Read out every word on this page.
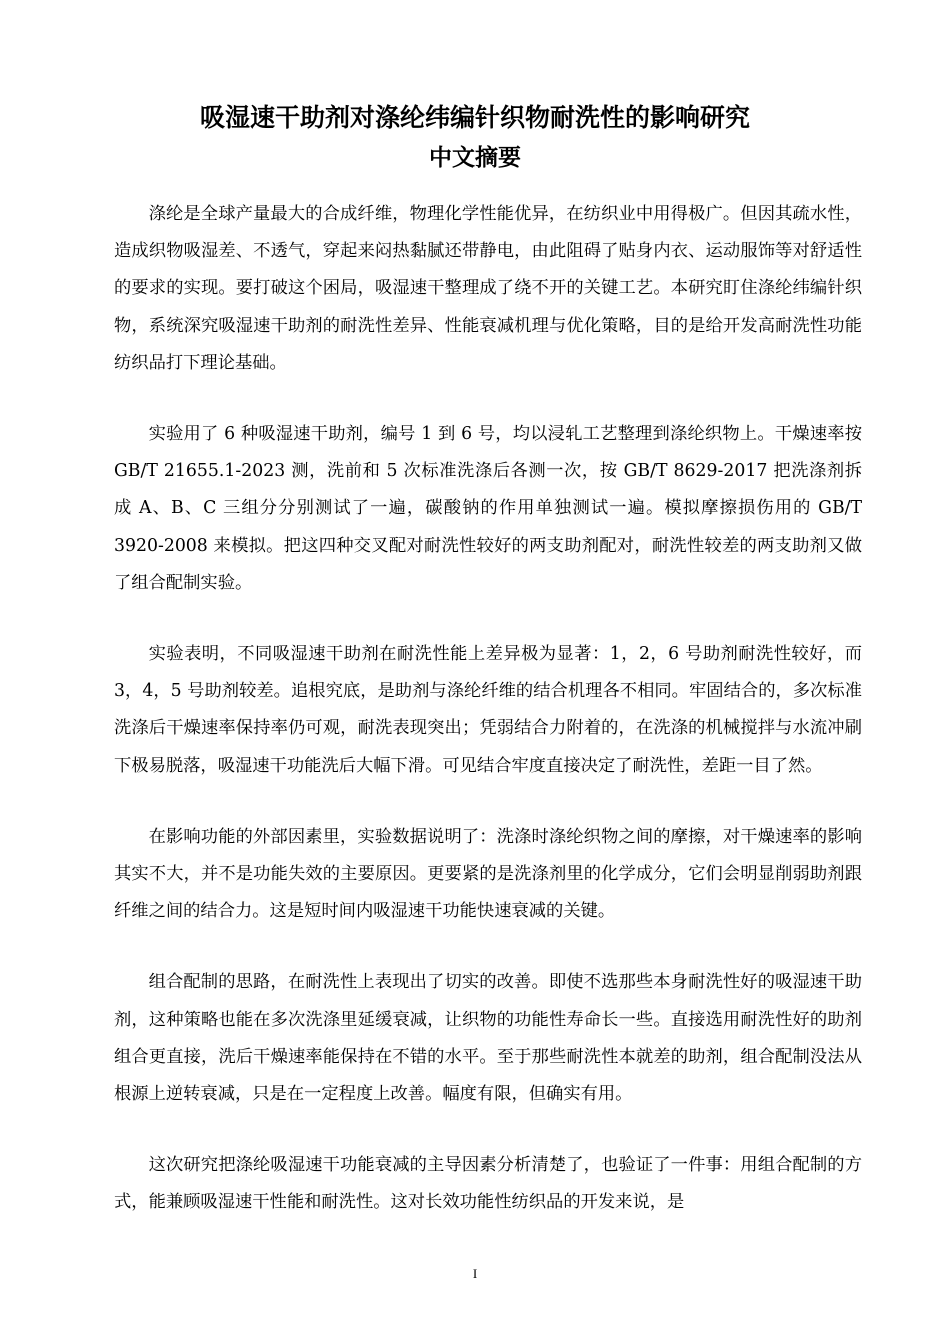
吸湿速干助剂对涤纶纬编针织物耐洗性的影响研究
中文摘要

涤纶是全球产量最大的合成纤维，物理化学性能优异，在纺织业中用得极广。但因其疏水性，造成织物吸湿差、不透气，穿起来闷热黏腻还带静电，由此阻碍了贴身内衣、运动服饰等对舒适性的要求的实现。要打破这个困局，吸湿速干整理成了绕不开的关键工艺。本研究盯住涤纶纬编针织物，系统深究吸湿速干助剂的耐洗性差异、性能衰减机理与优化策略，目的是给开发高耐洗性功能纺织品打下理论基础。

实验用了 6 种吸湿速干助剂，编号 1 到 6 号，均以浸轧工艺整理到涤纶织物上。干燥速率按 GB/T 21655.1-2023 测，洗前和 5 次标准洗涤后各测一次，按 GB/T 8629-2017 把洗涤剂拆成 A、B、C 三组分分别测试了一遍，碳酸钠的作用单独测试一遍。模拟摩擦损伤用的 GB/T 3920-2008 来模拟。把这四种交叉配对耐洗性较好的两支助剂配对，耐洗性较差的两支助剂又做了组合配制实验。

实验表明，不同吸湿速干助剂在耐洗性能上差异极为显著：1，2，6 号助剂耐洗性较好，而 3，4，5 号助剂较差。追根究底，是助剂与涤纶纤维的结合机理各不相同。牢固结合的，多次标准洗涤后干燥速率保持率仍可观，耐洗表现突出；凭弱结合力附着的，在洗涤的机械搅拌与水流冲刷下极易脱落，吸湿速干功能洗后大幅下滑。可见结合牢度直接决定了耐洗性，差距一目了然。

在影响功能的外部因素里，实验数据说明了：洗涤时涤纶织物之间的摩擦，对干燥速率的影响其实不大，并不是功能失效的主要原因。更要紧的是洗涤剂里的化学成分，它们会明显削弱助剂跟纤维之间的结合力。这是短时间内吸湿速干功能快速衰减的关键。

组合配制的思路，在耐洗性上表现出了切实的改善。即使不选那些本身耐洗性好的吸湿速干助剂，这种策略也能在多次洗涤里延缓衰减，让织物的功能性寿命长一些。直接选用耐洗性好的助剂组合更直接，洗后干燥速率能保持在不错的水平。至于那些耐洗性本就差的助剂，组合配制没法从根源上逆转衰减，只是在一定程度上改善。幅度有限，但确实有用。

这次研究把涤纶吸湿速干功能衰减的主导因素分析清楚了，也验证了一件事：用组合配制的方式，能兼顾吸湿速干性能和耐洗性。这对长效功能性纺织品的开发来说，是

I
